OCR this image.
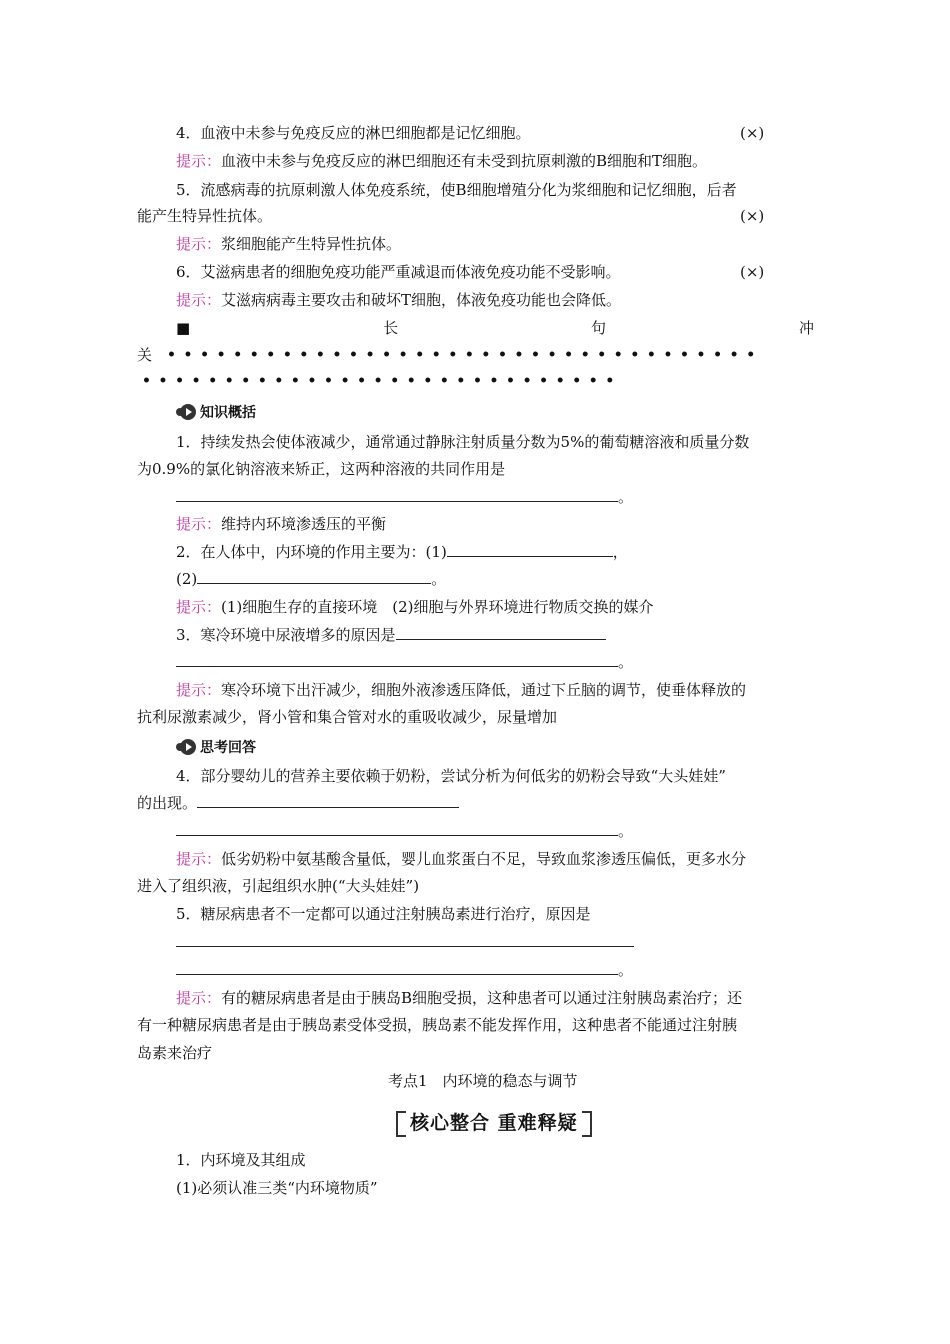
4．血液中未参与免疫反应的淋巴细胞都是记忆细胞。	(×)
提示：血液中未参与免疫反应的淋巴细胞还有未受到抗原刺激的B细胞和T细胞。
5．流感病毒的抗原刺激人体免疫系统，使B细胞增殖分化为浆细胞和记忆细胞，后者
能产生特异性抗体。	(×)
提示：浆细胞能产生特异性抗体。
6．艾滋病患者的细胞免疫功能严重减退而体液免疫功能不受影响。	(×)
提示：艾滋病病毒主要攻击和破坏T细胞，体液免疫功能也会降低。
■	长	句	冲
关 ••••••••••••••••••••••••••••••••••••
•••••••••••••••••••••••••••••
知识概括
1．持续发热会使体液减少，通常通过静脉注射质量分数为5%的葡萄糖溶液和质量分数
为0.9%的氯化钠溶液来矫正，这两种溶液的共同作用是
。
提示：维持内环境渗透压的平衡
2．在人体中，内环境的作用主要为：(1)	，
(2)	。
提示：(1)细胞生存的直接环境　(2)细胞与外界环境进行物质交换的媒介
3．寒冷环境中尿液增多的原因是
。
提示：寒冷环境下出汗减少，细胞外液渗透压降低，通过下丘脑的调节，使垂体释放的
抗利尿激素减少，肾小管和集合管对水的重吸收减少，尿量增加
思考回答
4．部分婴幼儿的营养主要依赖于奶粉，尝试分析为何低劣的奶粉会导致“大头娃娃”
的出现。
。
提示：低劣奶粉中氨基酸含量低，婴儿血浆蛋白不足，导致血浆渗透压偏低，更多水分
进入了组织液，引起组织水肿(“大头娃娃”)
5．糖尿病患者不一定都可以通过注射胰岛素进行治疗，原因是
。
提示：有的糖尿病患者是由于胰岛B细胞受损，这种患者可以通过注射胰岛素治疗；还
有一种糖尿病患者是由于胰岛素受体受损，胰岛素不能发挥作用，这种患者不能通过注射胰
岛素来治疗
考点1　内环境的稳态与调节
核心整合 重难释疑
1．内环境及其组成
(1)必须认准三类“内环境物质”
